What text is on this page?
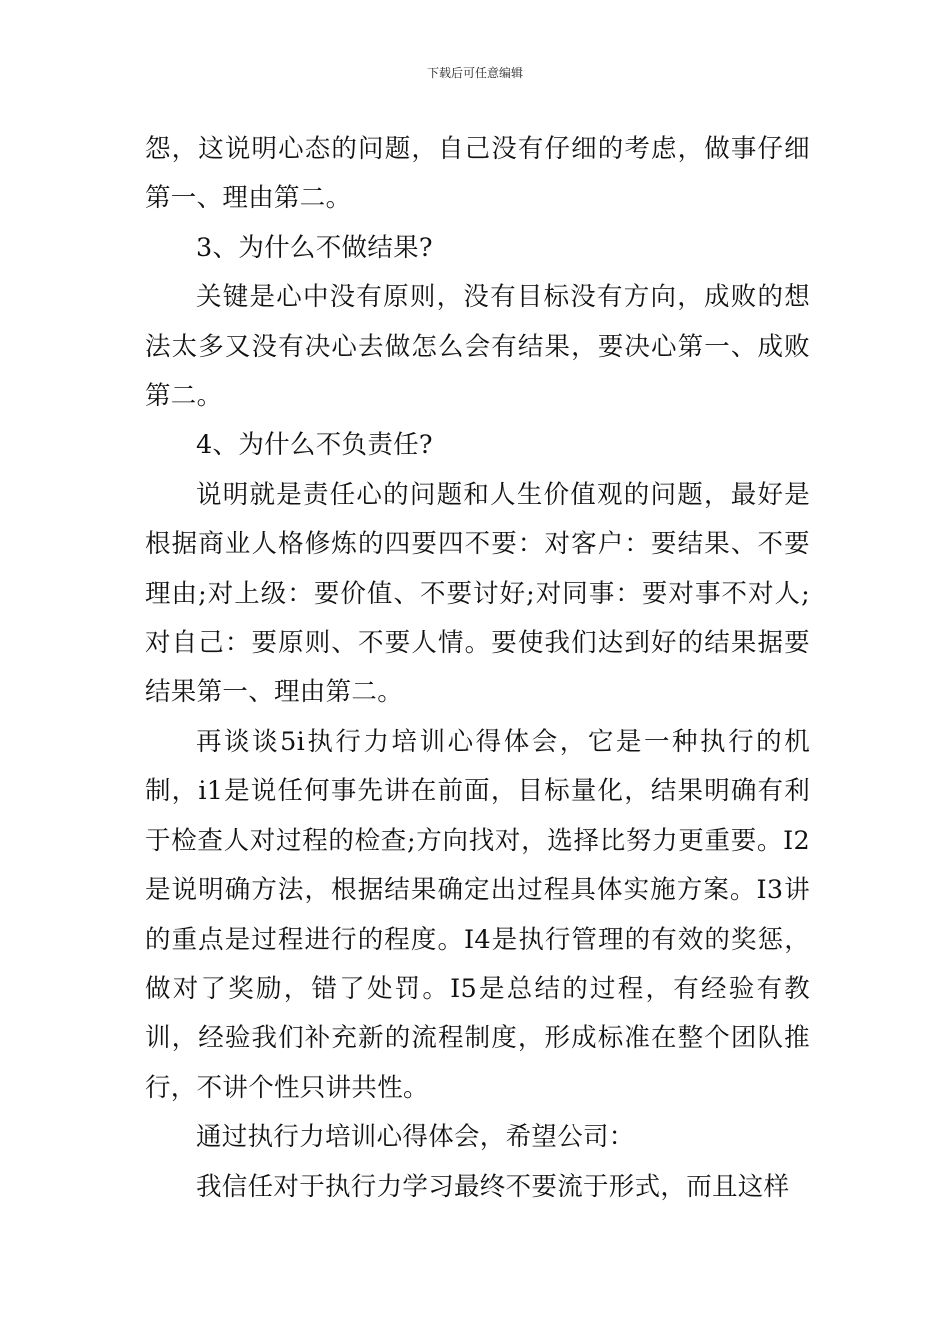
下载后可任意编辑

怨，这说明心态的问题，自己没有仔细的考虑，做事仔细第一、理由第二。

3、为什么不做结果?

关键是心中没有原则，没有目标没有方向，成败的想法太多又没有决心去做怎么会有结果，要决心第一、成败第二。

4、为什么不负责任?

说明就是责任心的问题和人生价值观的问题，最好是根据商业人格修炼的四要四不要：对客户：要结果、不要理由;对上级：要价值、不要讨好;对同事：要对事不对人;对自己：要原则、不要人情。要使我们达到好的结果据要结果第一、理由第二。

再谈谈5i执行力培训心得体会，它是一种执行的机制，i1是说任何事先讲在前面，目标量化，结果明确有利于检查人对过程的检查;方向找对，选择比努力更重要。I2是说明确方法，根据结果确定出过程具体实施方案。I3讲的重点是过程进行的程度。I4是执行管理的有效的奖惩，做对了奖励，错了处罚。I5是总结的过程，有经验有教训，经验我们补充新的流程制度，形成标准在整个团队推行，不讲个性只讲共性。

通过执行力培训心得体会，希望公司：

我信任对于执行力学习最终不要流于形式，而且这样
